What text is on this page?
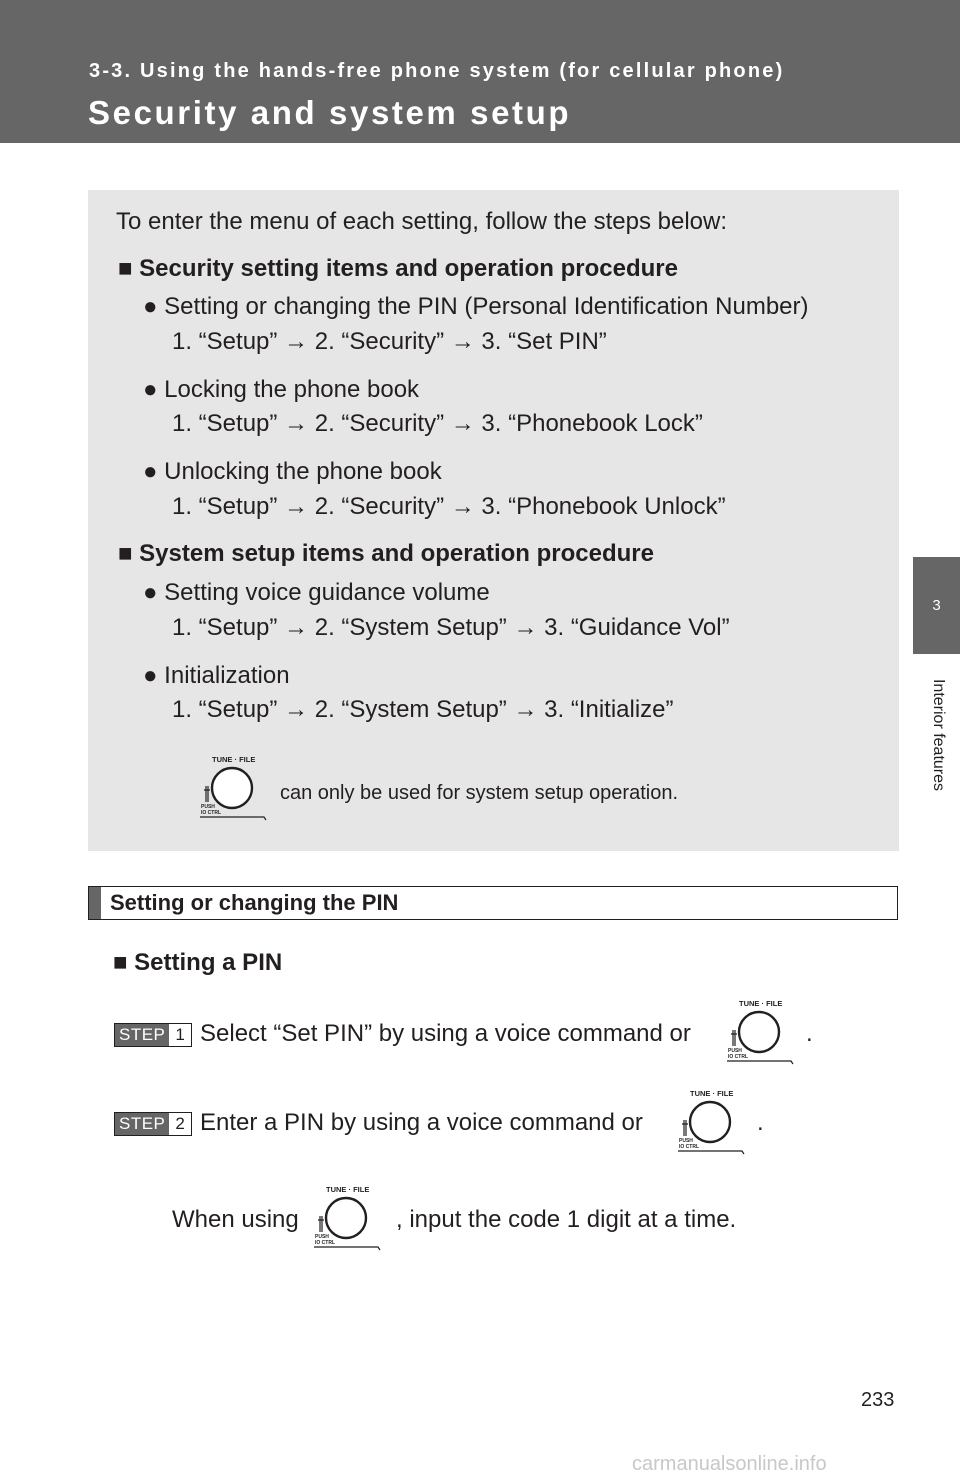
3-3. Using the hands-free phone system (for cellular phone)
Security and system setup
3
Interior features
To enter the menu of each setting, follow the steps below:
■ Security setting items and operation procedure
● Setting or changing the PIN (Personal Identification Number)
1. “Setup” → 2. “Security” → 3. “Set PIN”
● Locking the phone book
1. “Setup” → 2. “Security” → 3. “Phonebook Lock”
● Unlocking the phone book
1. “Setup” → 2. “Security” → 3. “Phonebook Unlock”
■ System setup items and operation procedure
● Setting voice guidance volume
1. “Setup” → 2. “System Setup” → 3. “Guidance Vol”
● Initialization
1. “Setup” → 2. “System Setup” → 3. “Initialize”
TUNE · FILE
PUSH
IO CTRL
can only be used for system setup operation.
Setting or changing the PIN
■ Setting a PIN
STEP 1 Select “Set PIN” by using a voice command or
TUNE · FILE
PUSH
IO CTRL
.
STEP 2 Enter a PIN by using a voice command or
TUNE · FILE
PUSH
IO CTRL
.
When using
TUNE · FILE
PUSH
IO CTRL
, input the code 1 digit at a time.
233
carmanualsonline.info
